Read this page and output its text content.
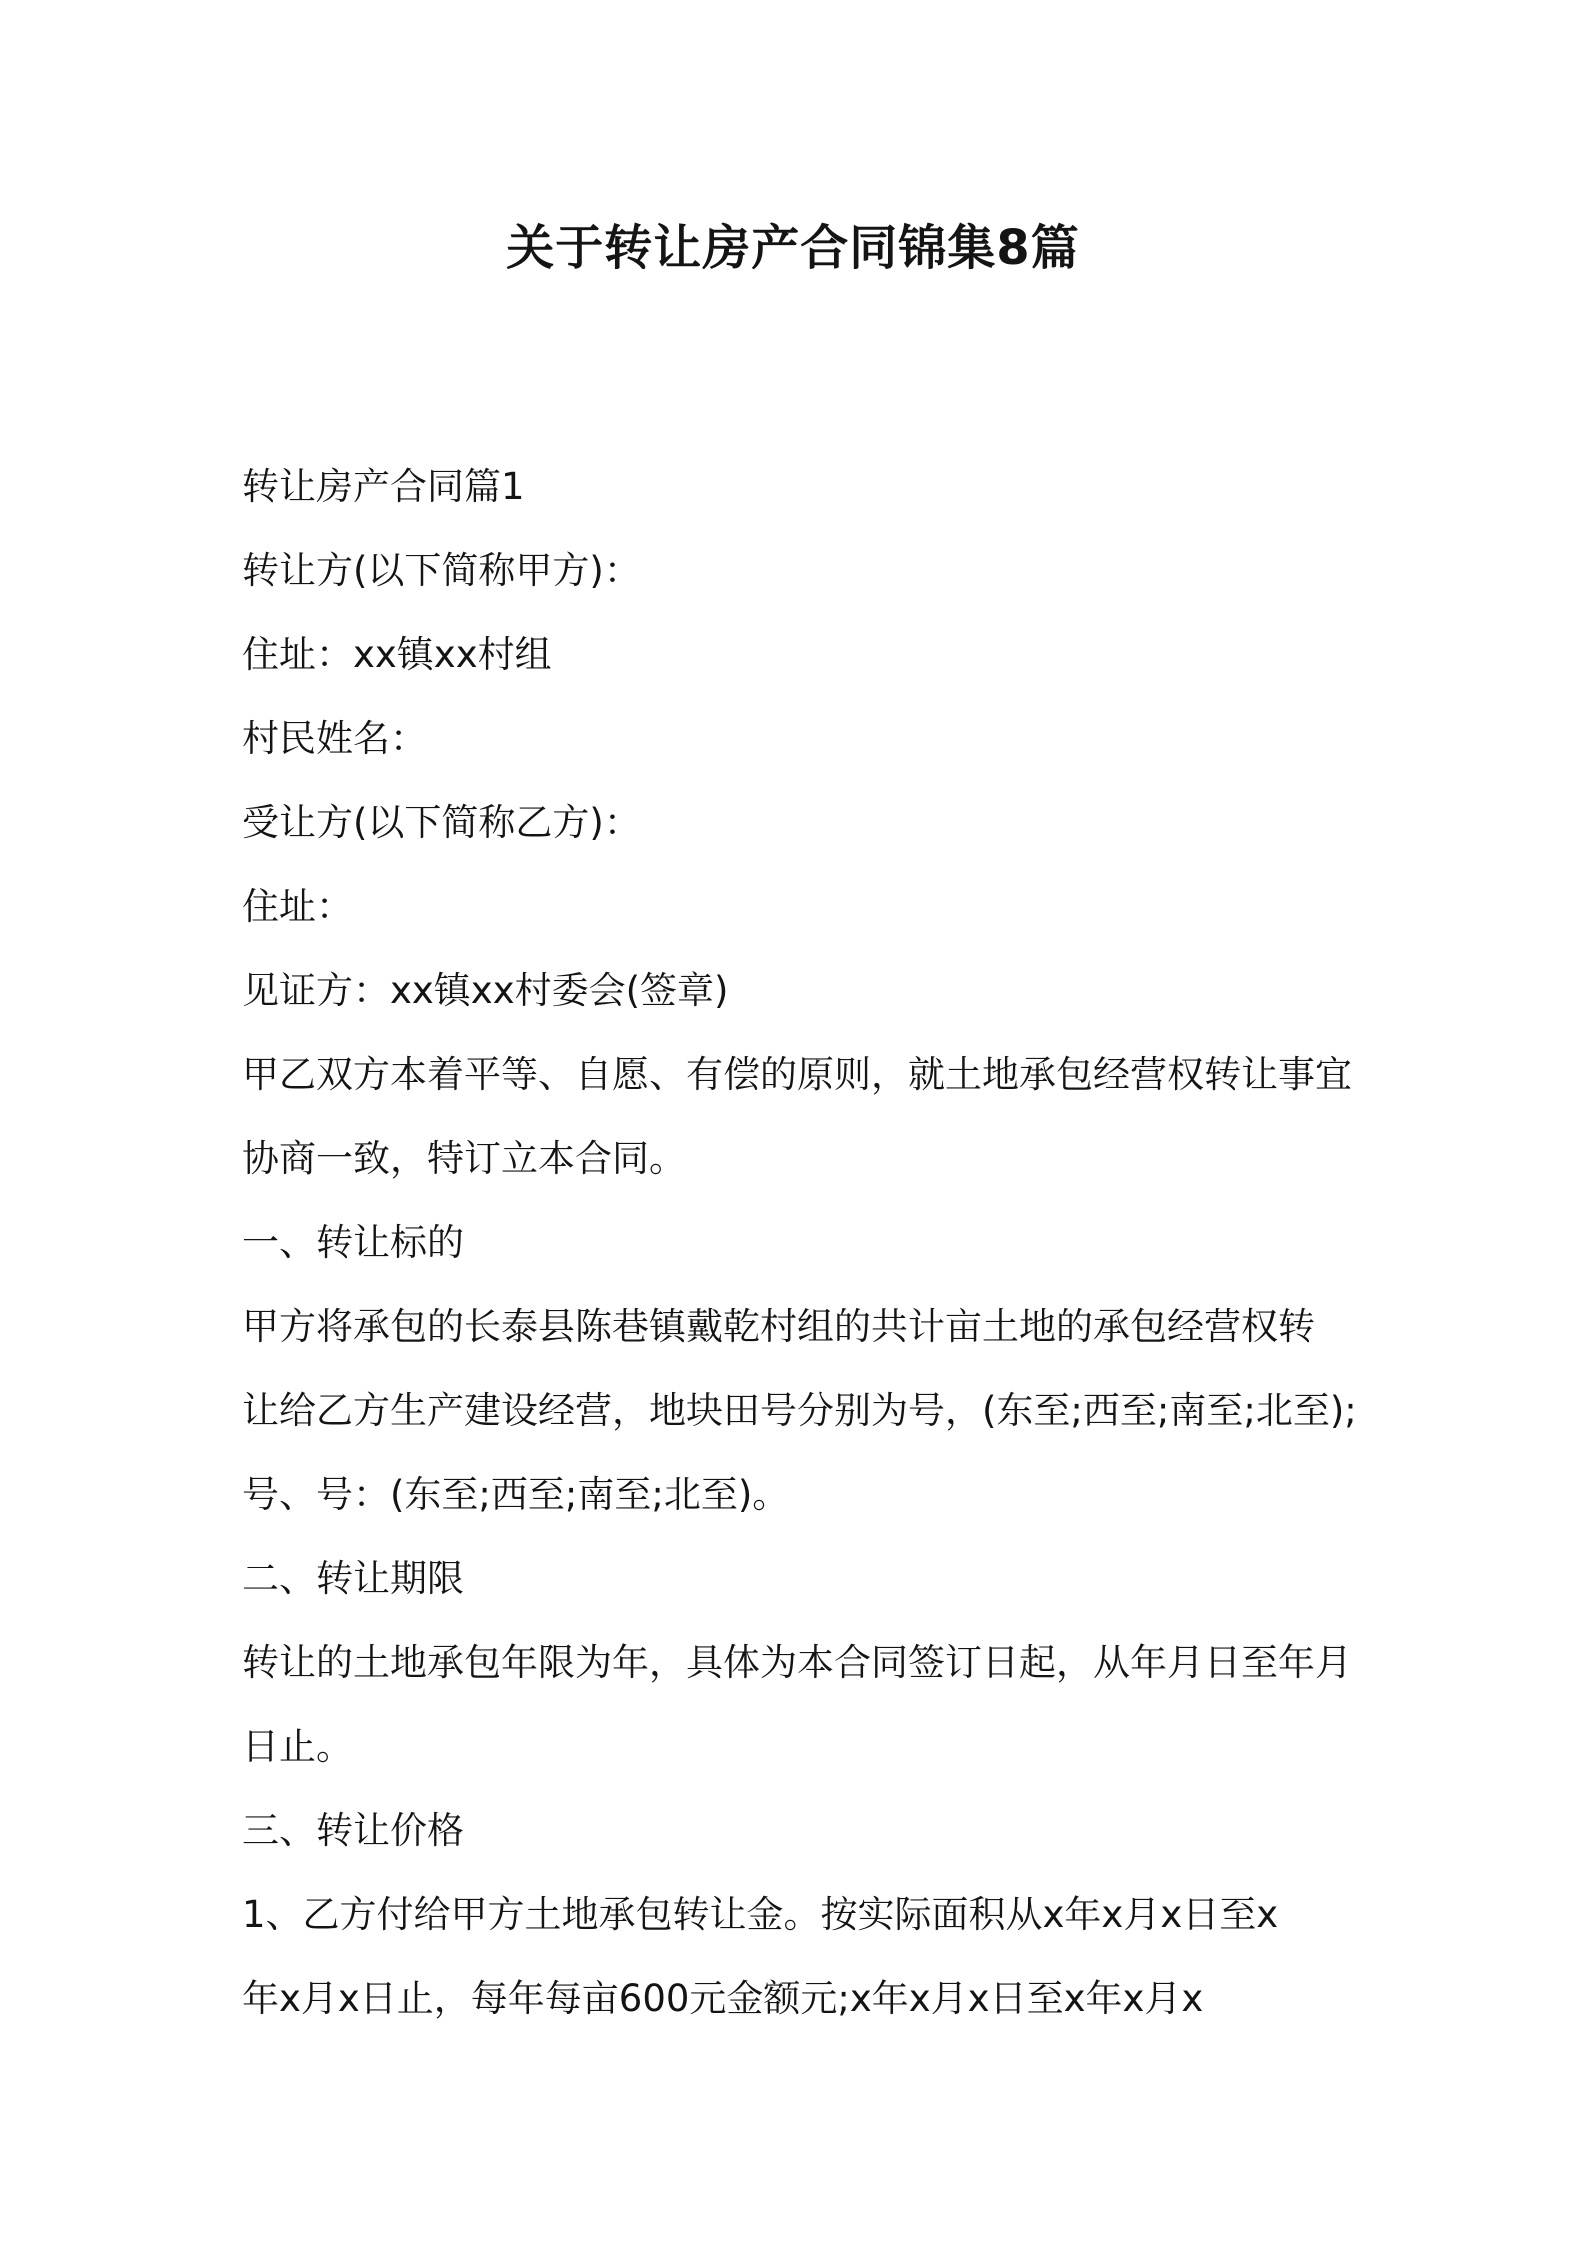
关于转让房产合同锦集8篇

转让房产合同篇1

转让方(以下简称甲方)：

住址：xx镇xx村组

村民姓名：

受让方(以下简称乙方)：

住址：

见证方：xx镇xx村委会(签章)

甲乙双方本着平等、自愿、有偿的原则，就土地承包经营权转让事宜

协商一致，特订立本合同。

一、转让标的

甲方将承包的长泰县陈巷镇戴乾村组的共计亩土地的承包经营权转

让给乙方生产建设经营，地块田号分别为号，(东至;西至;南至;北至);

号、号：(东至;西至;南至;北至)。

二、转让期限

转让的土地承包年限为年，具体为本合同签订日起，从年月日至年月

日止。

三、转让价格

1、乙方付给甲方土地承包转让金。按实际面积从x年x月x日至x

年x月x日止，每年每亩600元金额元;x年x月x日至x年x月x
